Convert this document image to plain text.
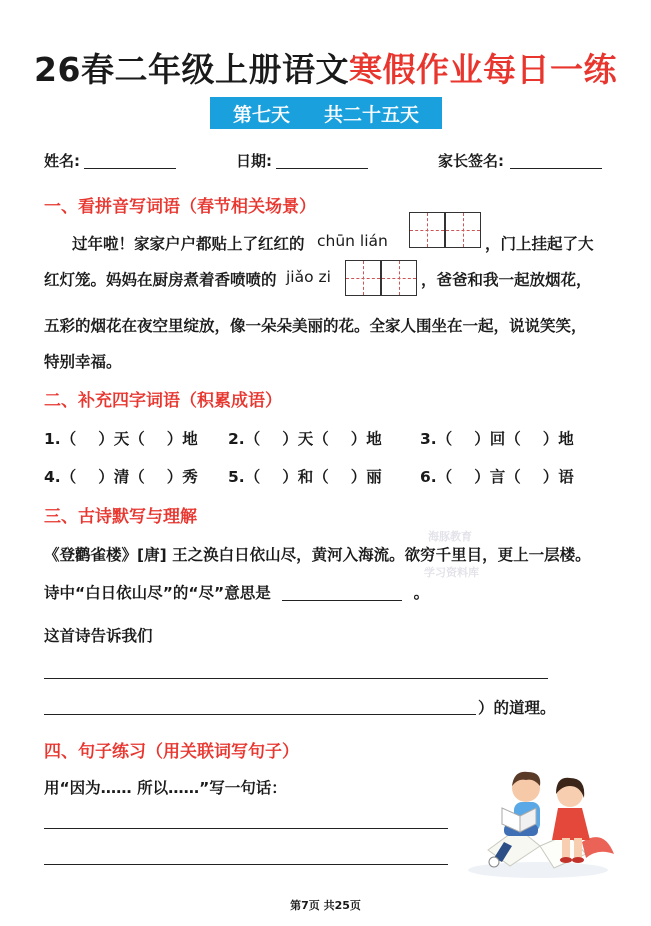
26春二年级上册语文寒假作业每日一练
第七天 共二十五天
姓名:	日期:	家长签名:
一、看拼音写词语（春节相关场景）
过年啦！家家户户都贴上了红红的 chūn lián	，门上挂起了大
红灯笼。妈妈在厨房煮着香喷喷的 jiǎo zi	，爸爸和我一起放烟花，
五彩的烟花在夜空里绽放，像一朵朵美丽的花。全家人围坐在一起，说说笑笑，
特别幸福。
二、补充四字词语（积累成语）
1.（ ）天（ ）地 2.（ ）天（ ）地 3.（ ）回（ ）地
4.（ ）清（ ）秀 5.（ ）和（ ）丽 6.（ ）言（ ）语
三、古诗默写与理解
海豚教育
学习资料库
《登鹳雀楼》[唐] 王之涣白日依山尽，黄河入海流。欲穷千里目，更上一层楼。
诗中“白日依山尽”的“尽”意思是	。
这首诗告诉我们
）的道理。
四、句子练习（用关联词写句子）
用“因为…… 所以……”写一句话：
第7页 共25页
